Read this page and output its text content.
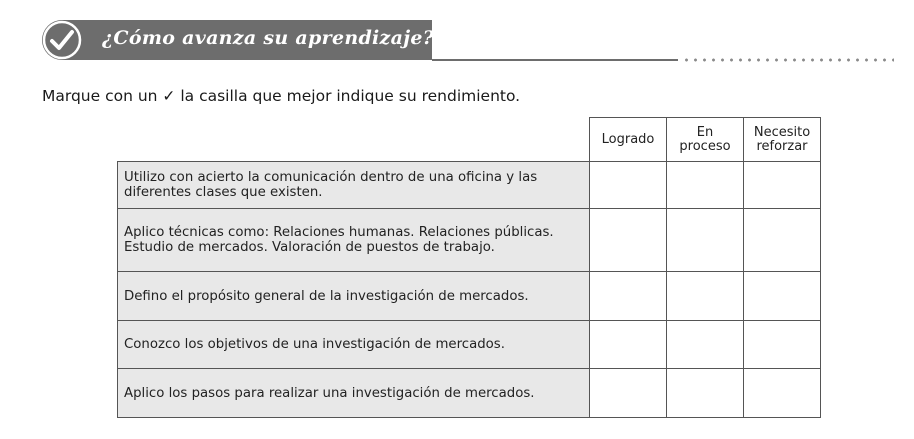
¿Cómo avanza su aprendizaje?
Marque con un ✓ la casilla que mejor indique su rendimiento.
	Logrado	En proceso	Necesito reforzar
Utilizo con acierto la comunicación dentro de una oficina y las diferentes clases que existen.			
Aplico técnicas como: Relaciones humanas. Relaciones públicas. Estudio de mercados. Valoración de puestos de trabajo.			
Defino el propósito general de la investigación de mercados.			
Conozco los objetivos de una investigación de mercados.			
Aplico los pasos para realizar una investigación de mercados.			
